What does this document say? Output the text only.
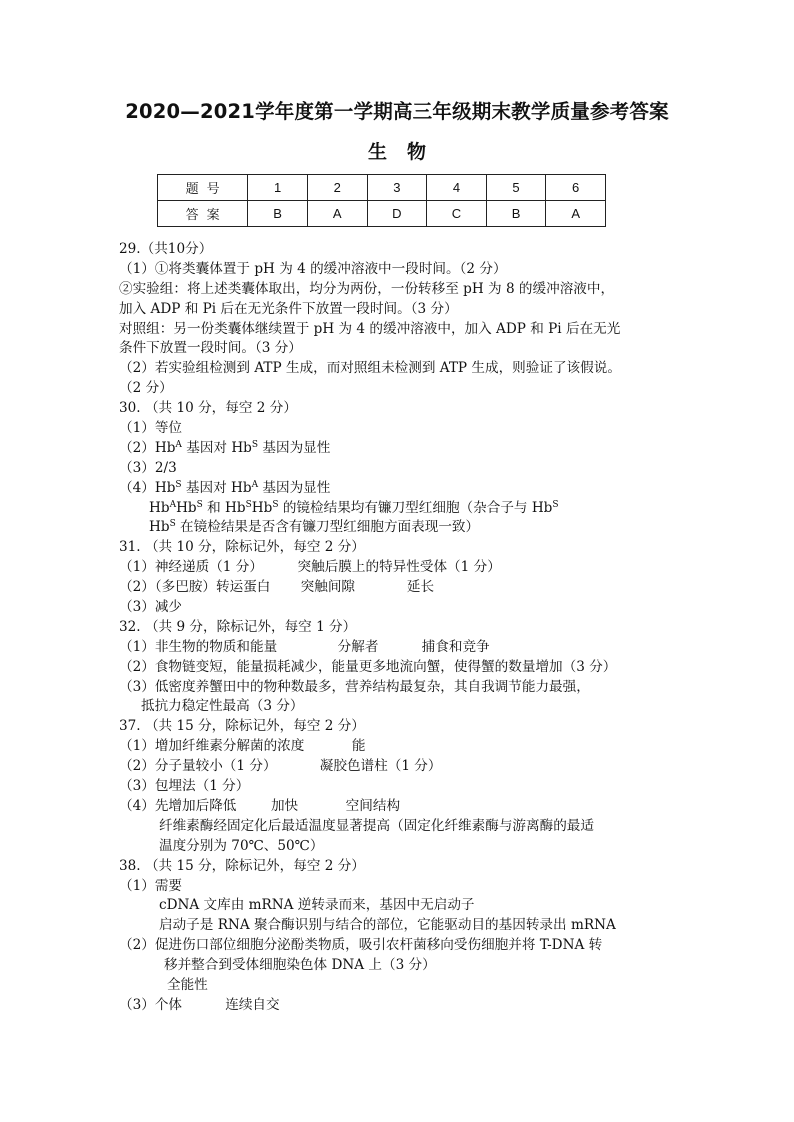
2020—2021学年度第一学期高三年级期末教学质量参考答案
生物
题号	1	2	3	4	5	6
答案	B	A	D	C	B	A
29.（共10分）
（1）①将类囊体置于 pH 为 4 的缓冲溶液中一段时间。（2 分）
②实验组：将上述类囊体取出，均分为两份，一份转移至 pH 为 8 的缓冲溶液中，
加入 ADP 和 Pi 后在无光条件下放置一段时间。（3 分）
对照组：另一份类囊体继续置于 pH 为 4 的缓冲溶液中，加入 ADP 和 Pi 后在无光
条件下放置一段时间。（3 分）
（2）若实验组检测到 ATP 生成，而对照组未检测到 ATP 生成，则验证了该假说。
（2 分）
30. （共 10 分，每空 2 分）
（1）等位
$(2)Hb^A$ 基因对 $Hb^S$ 基因为显性
（3）2/3
$(4)Hb^S$ 基因对 $Hb^A$ 基因为显性
$Hb^AHb^S$ 和 $Hb^SHb^S$ 的镜检结果均有镰刀型红细胞（杂合子与 $Hb^S$
$Hb^S$ 在镜检结果是否含有镰刀型红细胞方面表现一致）
31. （共 10 分，除标记外，每空 2 分）
（1）神经递质（1 分）        突触后膜上的特异性受体（1 分）
（2）（多巴胺）转运蛋白       突触间隙            延长
（3）减少
32. （共 9 分，除标记外，每空 1 分）
（1）非生物的物质和能量              分解者          捕食和竞争
（2）食物链变短，能量损耗减少，能量更多地流向蟹，使得蟹的数量增加（3 分）
（3）低密度养蟹田中的物种数最多，营养结构最复杂，其自我调节能力最强，
抵抗力稳定性最高（3 分）
37. （共 15 分，除标记外，每空 2 分）
（1）增加纤维素分解菌的浓度           能
（2）分子量较小（1 分）          凝胶色谱柱（1 分）
（3）包埋法（1 分）
（4）先增加后降低        加快           空间结构
纤维素酶经固定化后最适温度显著提高（固定化纤维素酶与游离酶的最适
温度分别为 70℃、50℃）
38. （共 15 分，除标记外，每空 2 分）
（1）需要
cDNA 文库由 mRNA 逆转录而来，基因中无启动子
启动子是 RNA 聚合酶识别与结合的部位，它能驱动目的基因转录出 mRNA
（2）促进伤口部位细胞分泌酚类物质，吸引农杆菌移向受伤细胞并将 T-DNA 转
移并整合到受体细胞染色体 DNA 上（3 分）
全能性
（3）个体          连续自交
